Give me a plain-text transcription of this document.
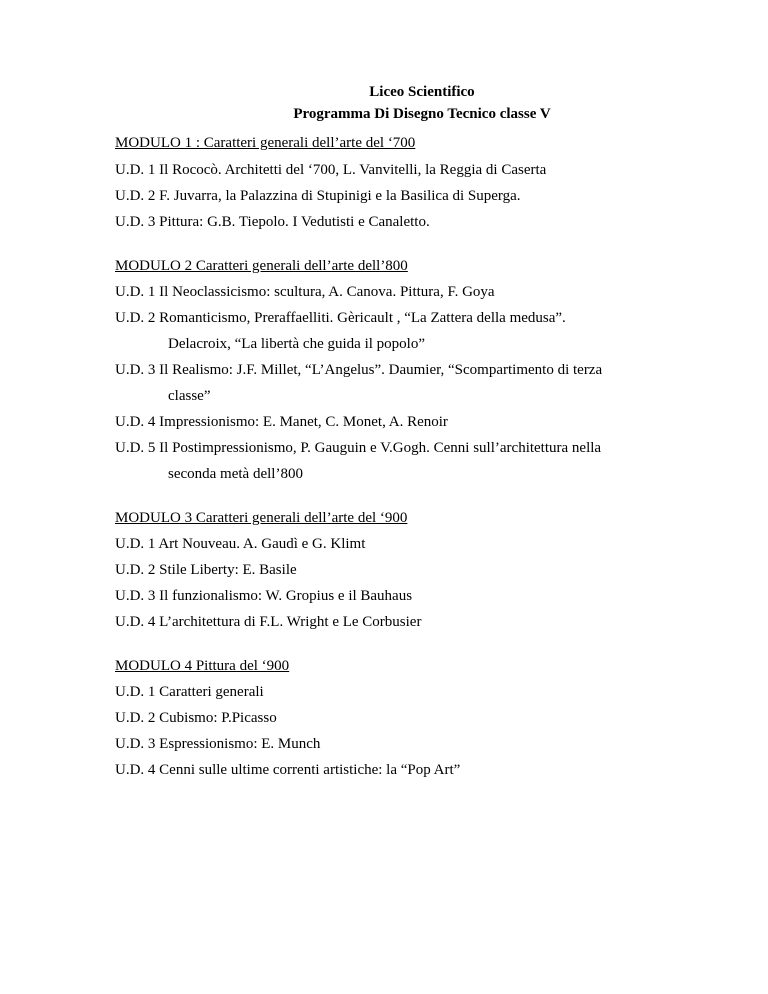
Liceo Scientifico
Programma Di Disegno Tecnico classe V
MODULO 1 : Caratteri generali dell’arte del ‘700
U.D. 1 Il Rococò. Architetti del ‘700, L. Vanvitelli, la Reggia di Caserta
U.D. 2 F. Juvarra, la Palazzina di Stupinigi e la Basilica di Superga.
U.D. 3 Pittura: G.B. Tiepolo. I Vedutisti e Canaletto.
MODULO 2 Caratteri generali dell’arte dell’800
U.D. 1 Il Neoclassicismo: scultura, A. Canova. Pittura, F. Goya
U.D. 2 Romanticismo, Preraffaelliti. Gèricault , “La Zattera della medusa”.
Delacroix, “La libertà che guida il popolo”
U.D. 3 Il Realismo: J.F. Millet, “L’Angelus”. Daumier, “Scompartimento di terza
classe”
U.D. 4 Impressionismo: E. Manet, C. Monet, A. Renoir
U.D. 5 Il Postimpressionismo, P. Gauguin e V.Gogh. Cenni sull’architettura nella
seconda metà dell’800
MODULO 3 Caratteri generali dell’arte del ‘900
U.D. 1 Art Nouveau. A. Gaudì e G. Klimt
U.D. 2 Stile Liberty: E. Basile
U.D. 3 Il funzionalismo: W. Gropius e il Bauhaus
U.D. 4 L’architettura di F.L. Wright e Le Corbusier
MODULO 4 Pittura del ‘900
U.D. 1 Caratteri generali
U.D. 2 Cubismo: P.Picasso
U.D. 3 Espressionismo: E. Munch
U.D. 4 Cenni sulle ultime correnti artistiche: la “Pop Art”
